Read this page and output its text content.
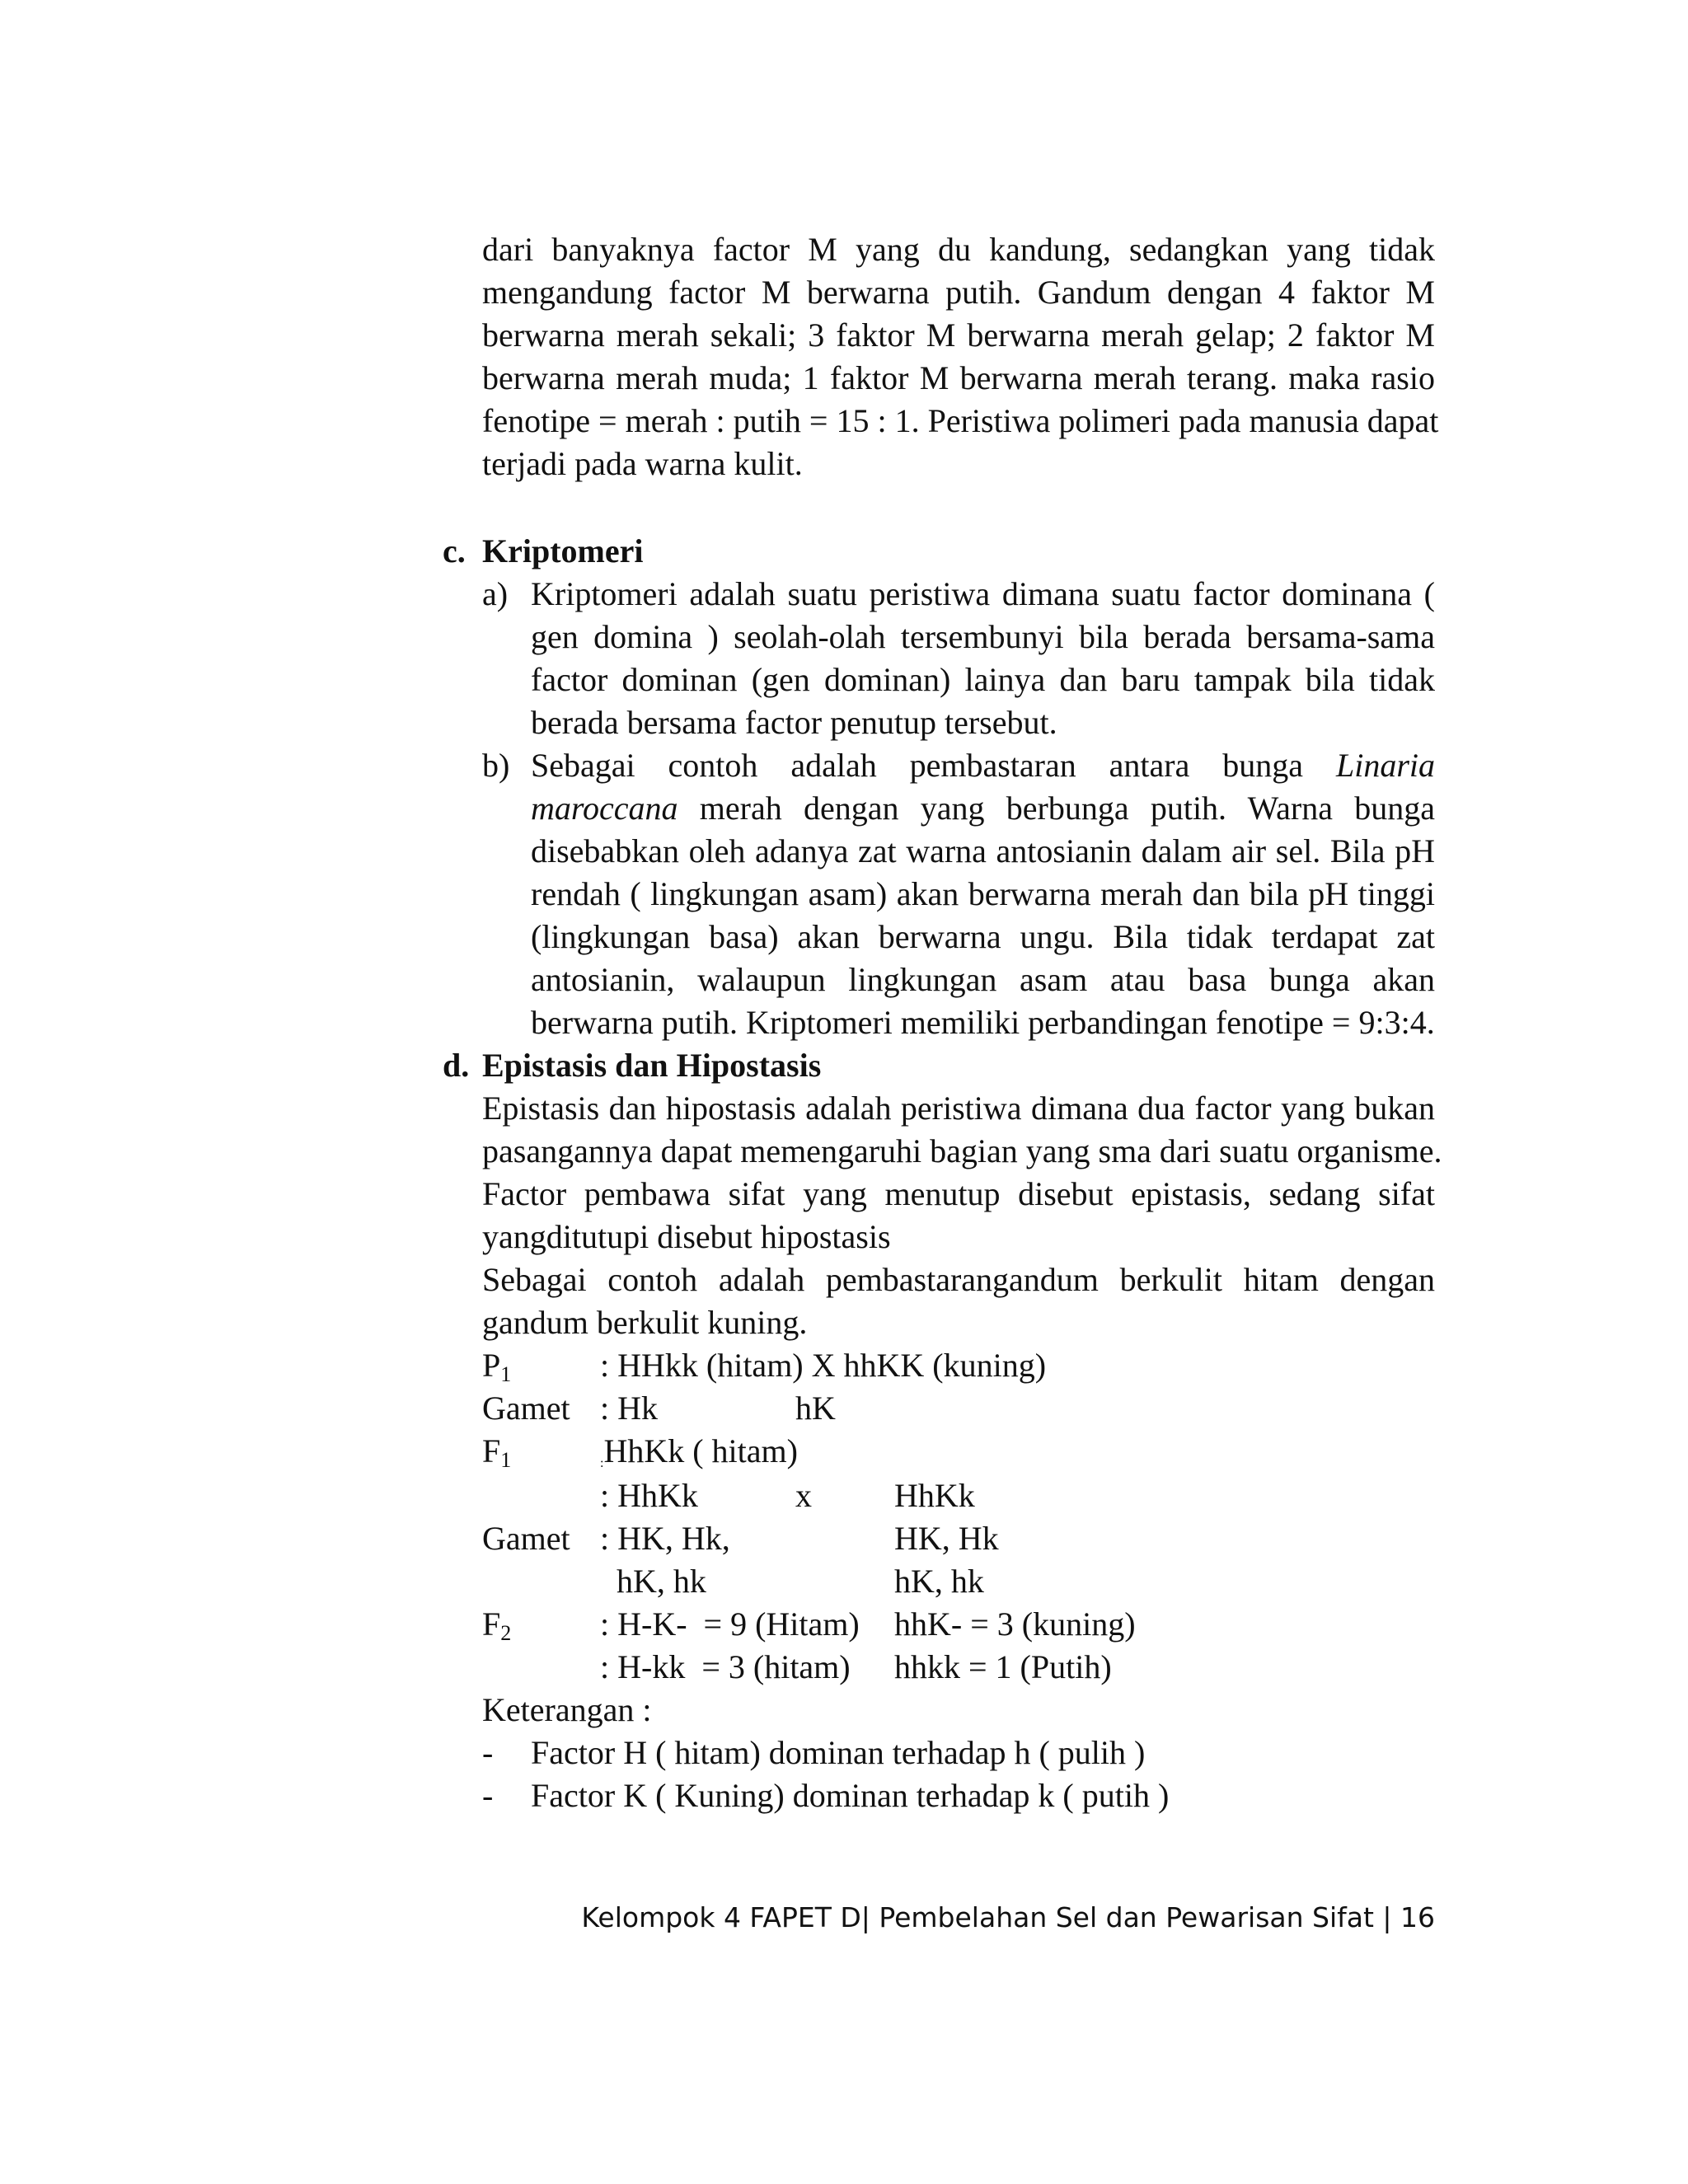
dari banyaknya factor M yang du kandung, sedangkan yang tidak
mengandung factor M berwarna putih. Gandum dengan 4 faktor M
berwarna merah sekali; 3 faktor M berwarna merah gelap; 2 faktor M
berwarna merah muda; 1 faktor M berwarna merah terang. maka rasio
fenotipe = merah : putih = 15 : 1. Peristiwa polimeri pada manusia dapat
terjadi pada warna kulit.
c. Kriptomeri
a) Kriptomeri adalah suatu peristiwa dimana suatu factor dominana (
gen domina ) seolah-olah tersembunyi bila berada bersama-sama
factor dominan (gen dominan) lainya dan baru tampak bila tidak
berada bersama factor penutup tersebut.
b) Sebagai contoh adalah pembastaran antara bunga Linaria
maroccana merah dengan yang berbunga putih. Warna bunga
disebabkan oleh adanya zat warna antosianin dalam air sel. Bila pH
rendah ( lingkungan asam) akan berwarna merah dan bila pH tinggi
(lingkungan basa) akan berwarna ungu. Bila tidak terdapat zat
antosianin, walaupun lingkungan asam atau basa bunga akan
berwarna putih. Kriptomeri memiliki perbandingan fenotipe = 9:3:4.
d. Epistasis dan Hipostasis
Epistasis dan hipostasis adalah peristiwa dimana dua factor yang bukan
pasangannya dapat memengaruhi bagian yang sma dari suatu organisme.
Factor pembawa sifat yang menutup disebut epistasis, sedang sifat
yangditutupi disebut hipostasis
Sebagai contoh adalah pembastarangandum berkulit hitam dengan
gandum berkulit kuning.
$P_1$	: HHkk (hitam) X hhKK (kuning)
Gamet : Hk	hK
$F_1$	:HhKk ( hitam)
: HhKk	x	HhKk
Gamet : HK, Hk,	HK, Hk
hK, hk	hK, hk
$F_2$	: H-K-  = 9 (Hitam) hhK- = 3 (kuning)
: H-kk  = 3 (hitam) hhkk = 1 (Putih)
Keterangan :
- Factor H ( hitam) dominan terhadap h ( pulih )
- Factor K ( Kuning) dominan terhadap k ( putih )
Kelompok 4 FAPET D| Pembelahan Sel dan Pewarisan Sifat | 16
